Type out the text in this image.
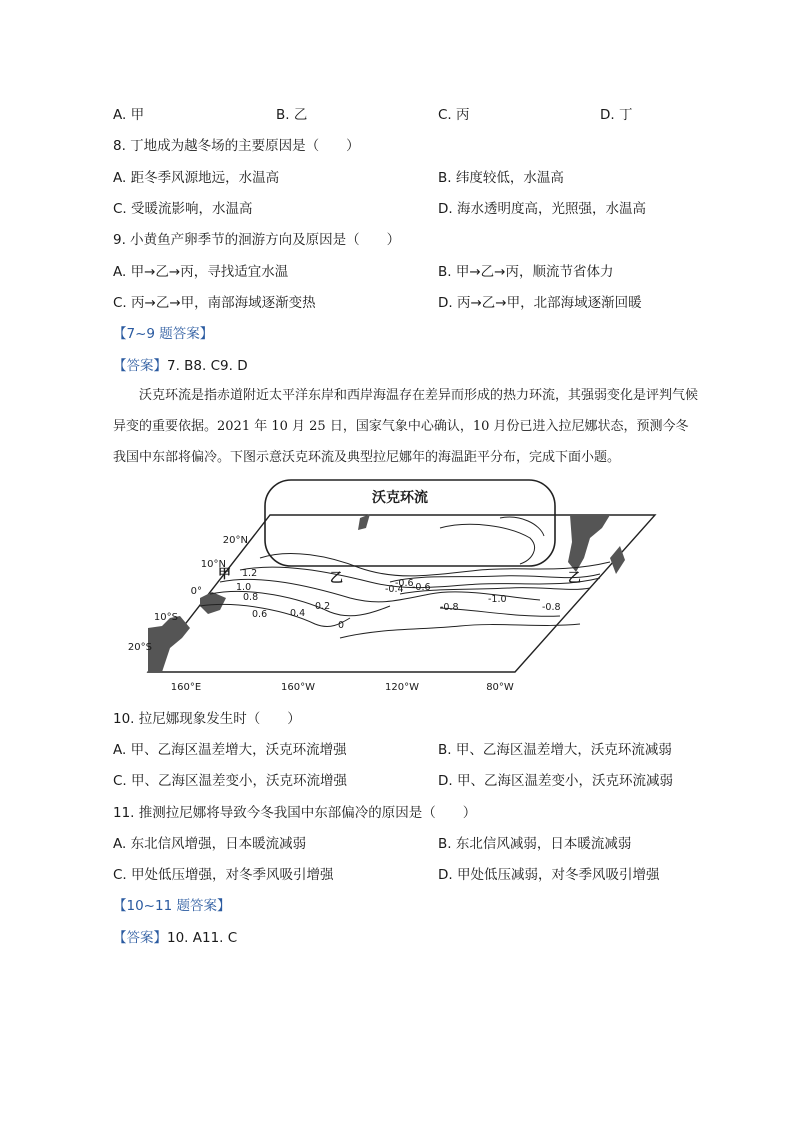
A. 甲	B. 乙	C. 丙	D. 丁
8. 丁地成为越冬场的主要原因是（　　）
A. 距冬季风源地远，水温高	B. 纬度较低，水温高
C. 受暖流影响，水温高	D. 海水透明度高，光照强，水温高
9. 小黄鱼产卵季节的洄游方向及原因是（　　）
A. 甲→乙→丙，寻找适宜水温	B. 甲→乙→丙，顺流节省体力
C. 丙→乙→甲，南部海域逐渐变热	D. 丙→乙→甲，北部海域逐渐回暖
【7~9 题答案】
【答案】7. B8. C9. D

沃克环流是指赤道附近太平洋东岸和西岸海温存在差异而形成的热力环流，其强弱变化是评判气候异变的重要依据。2021 年 10 月 25 日，国家气象中心确认，10 月份已进入拉尼娜状态，预测今冬我国中东部将偏冷。下图示意沃克环流及典型拉尼娜年的海温距平分布，完成下面小题。

沃克环流
1.2
1.0
0.8
0.6 0.4
0.2
0
-0.4
-0.6
-0.6
-0.8
-1.0
-0.8
甲	乙	乙
20°N
10°N
0°
10°S
20°S
160°E	160°W	120°W	80°W
10. 拉尼娜现象发生时（　　）
A. 甲、乙海区温差增大，沃克环流增强	B. 甲、乙海区温差增大，沃克环流减弱
C. 甲、乙海区温差变小，沃克环流增强	D. 甲、乙海区温差变小，沃克环流减弱
11. 推测拉尼娜将导致今冬我国中东部偏冷的原因是（　　）
A. 东北信风增强，日本暖流减弱	B. 东北信风减弱，日本暖流减弱
C. 甲处低压增强，对冬季风吸引增强	D. 甲处低压减弱，对冬季风吸引增强
【10~11 题答案】
【答案】10. A11. C
